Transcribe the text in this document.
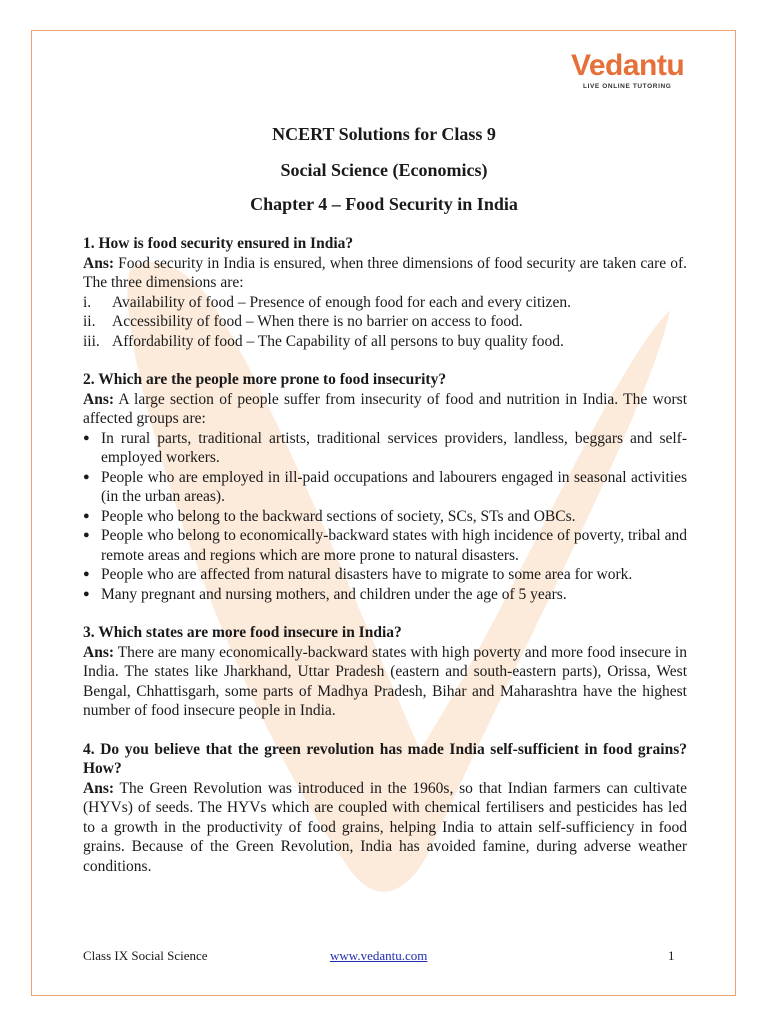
Vedantu
LIVE ONLINE TUTORING
NCERT Solutions for Class 9
Social Science (Economics)
Chapter 4 – Food Security in India

1. How is food security ensured in India?

Ans: Food security in India is ensured, when three dimensions of food security are taken care of. The three dimensions are:

i.	Availability of food – Presence of enough food for each and every citizen.
ii.	Accessibility of food – When there is no barrier on access to food.
iii. Affordability of food – The Capability of all persons to buy quality food.

2. Which are the people more prone to food insecurity?

Ans: A large section of people suffer from insecurity of food and nutrition in India. The worst affected groups are:

● In rural parts, traditional artists, traditional services providers, landless, beggars and self-employed workers.
● People who are employed in ill-paid occupations and labourers engaged in seasonal activities (in the urban areas).
● People who belong to the backward sections of society, SCs, STs and OBCs.
● People who belong to economically-backward states with high incidence of poverty, tribal and remote areas and regions which are more prone to natural disasters.
● People who are affected from natural disasters have to migrate to some area for work.
● Many pregnant and nursing mothers, and children under the age of 5 years.

3. Which states are more food insecure in India?

Ans: There are many economically-backward states with high poverty and more food insecure in India. The states like Jharkhand, Uttar Pradesh (eastern and south-eastern parts), Orissa, West Bengal, Chhattisgarh, some parts of Madhya Pradesh, Bihar and Maharashtra have the highest number of food insecure people in India.

4. Do you believe that the green revolution has made India self-sufficient in food grains? How?

Ans: The Green Revolution was introduced in the 1960s, so that Indian farmers can cultivate (HYVs) of seeds. The HYVs which are coupled with chemical fertilisers and pesticides has led to a growth in the productivity of food grains, helping India to attain self-sufficiency in food grains. Because of the Green Revolution, India has avoided famine, during adverse weather conditions.

Class IX Social Science	www.vedantu.com	1
